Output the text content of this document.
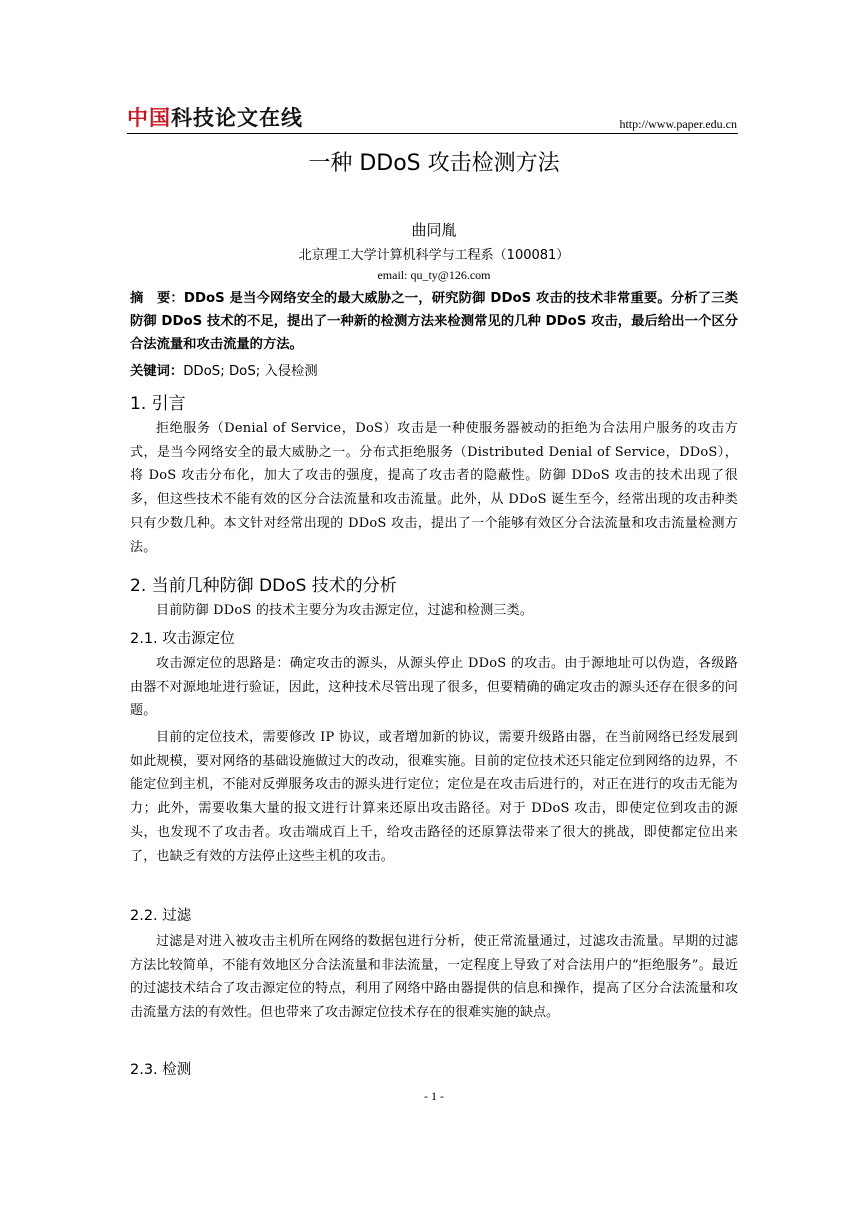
中国 科技论文在线	http://www.paper.edu.cn
一种 DDoS 攻击检测方法
曲同胤
北京理工大学计算机科学与工程系（100081）
email: qu_ty@126.com
摘　要：DDoS 是当今网络安全的最大威胁之一，研究防御 DDoS 攻击的技术非常重要。分析了三类防御 DDoS 技术的不足，提出了一种新的检测方法来检测常见的几种 DDoS 攻击，最后给出一个区分合法流量和攻击流量的方法。
关键词：DDoS; DoS; 入侵检测
1. 引言
拒绝服务（Denial of Service，DoS）攻击是一种使服务器被动的拒绝为合法用户服务的攻击方式，是当今网络安全的最大威胁之一。分布式拒绝服务（Distributed Denial of Service，DDoS），将 DoS 攻击分布化，加大了攻击的强度，提高了攻击者的隐蔽性。防御 DDoS 攻击的技术出现了很多，但这些技术不能有效的区分合法流量和攻击流量。此外，从 DDoS 诞生至今，经常出现的攻击种类只有少数几种。本文针对经常出现的 DDoS 攻击，提出了一个能够有效区分合法流量和攻击流量检测方法。
2. 当前几种防御 DDoS 技术的分析
目前防御 DDoS 的技术主要分为攻击源定位，过滤和检测三类。
2.1. 攻击源定位
攻击源定位的思路是：确定攻击的源头，从源头停止 DDoS 的攻击。由于源地址可以伪造，各级路由器不对源地址进行验证，因此，这种技术尽管出现了很多，但要精确的确定攻击的源头还存在很多的问题。
目前的定位技术，需要修改 IP 协议，或者增加新的协议，需要升级路由器，在当前网络已经发展到如此规模，要对网络的基础设施做过大的改动，很难实施。目前的定位技术还只能定位到网络的边界，不能定位到主机，不能对反弹服务攻击的源头进行定位；定位是在攻击后进行的，对正在进行的攻击无能为力；此外，需要收集大量的报文进行计算来还原出攻击路径。对于 DDoS 攻击，即使定位到攻击的源头，也发现不了攻击者。攻击端成百上千，给攻击路径的还原算法带来了很大的挑战，即使都定位出来了，也缺乏有效的方法停止这些主机的攻击。
2.2. 过滤
过滤是对进入被攻击主机所在网络的数据包进行分析，使正常流量通过，过滤攻击流量。早期的过滤方法比较简单，不能有效地区分合法流量和非法流量，一定程度上导致了对合法用户的“拒绝服务”。最近的过滤技术结合了攻击源定位的特点，利用了网络中路由器提供的信息和操作，提高了区分合法流量和攻击流量方法的有效性。但也带来了攻击源定位技术存在的很难实施的缺点。
2.3. 检测
- 1 -
